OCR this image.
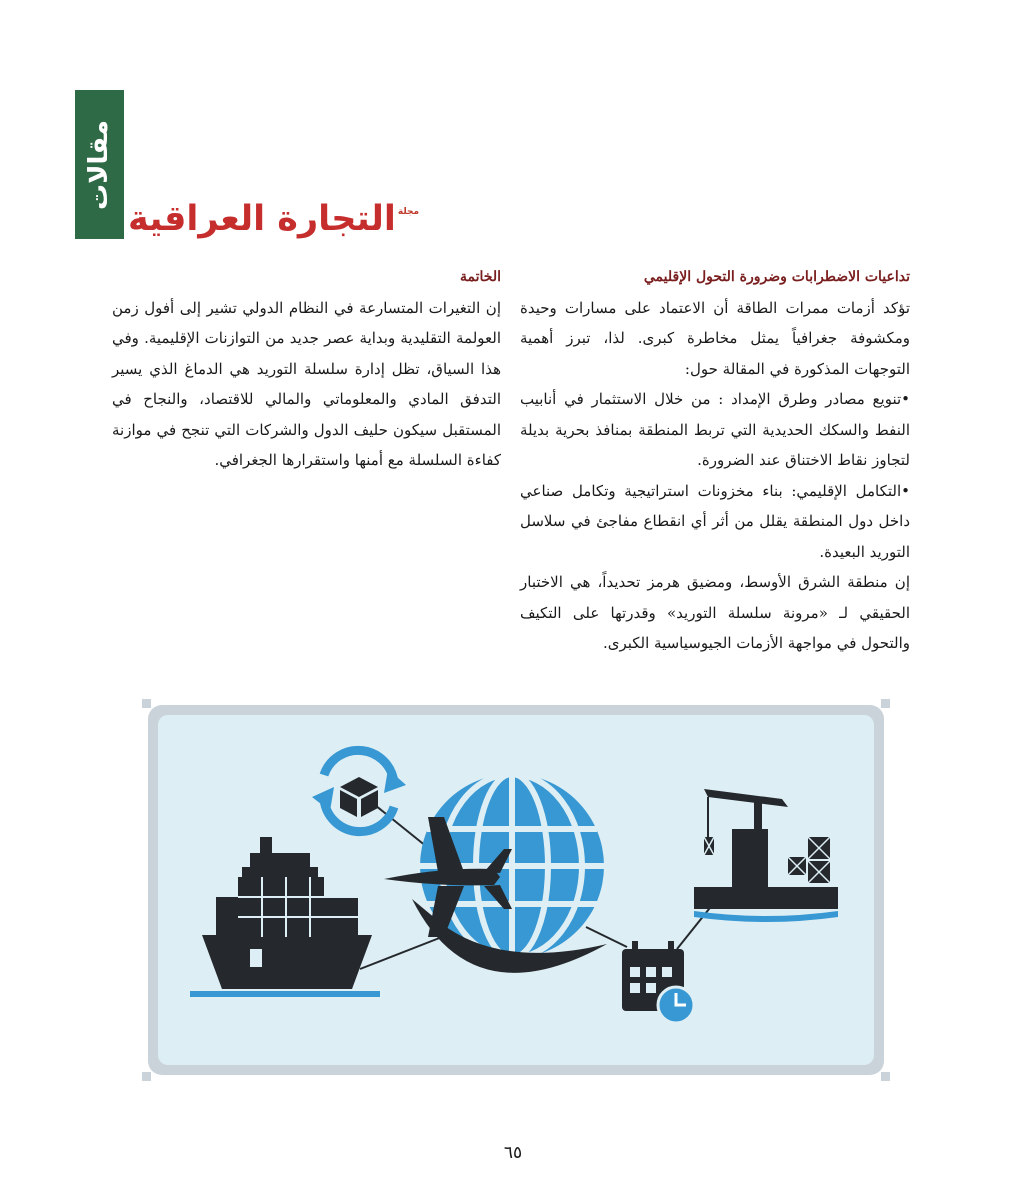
مقالات
مجلة
التجارة العراقية

تداعيات الاضطرابات وضرورة التحول الإقليمي

تؤكد أزمات ممرات الطاقة أن الاعتماد على مسارات وحيدة ومكشوفة جغرافياً يمثل مخاطرة كبرى. لذا، تبرز أهمية التوجهات المذكورة في المقالة حول:

•تنويع مصادر وطرق الإمداد : من خلال الاستثمار في أنابيب النفط والسكك الحديدية التي تربط المنطقة بمنافذ بحرية بديلة لتجاوز نقاط الاختناق عند الضرورة.

•التكامل الإقليمي: بناء مخزونات استراتيجية وتكامل صناعي داخل دول المنطقة يقلل من أثر أي انقطاع مفاجئ في سلاسل التوريد البعيدة.

إن منطقة الشرق الأوسط، ومضيق هرمز تحديداً، هي الاختبار الحقيقي لـ «مرونة سلسلة التوريد» وقدرتها على التكيف والتحول في مواجهة الأزمات الجيوسياسية الكبرى.

الخاتمة

إن التغيرات المتسارعة في النظام الدولي تشير إلى أفول زمن العولمة التقليدية وبداية عصر جديد من التوازنات الإقليمية. وفي هذا السياق، تظل إدارة سلسلة التوريد هي الدماغ الذي يسير التدفق المادي والمعلوماتي والمالي للاقتصاد، والنجاح في المستقبل سيكون حليف الدول والشركات التي تنجح في موازنة كفاءة السلسلة مع أمنها واستقرارها الجغرافي.

٦٥
